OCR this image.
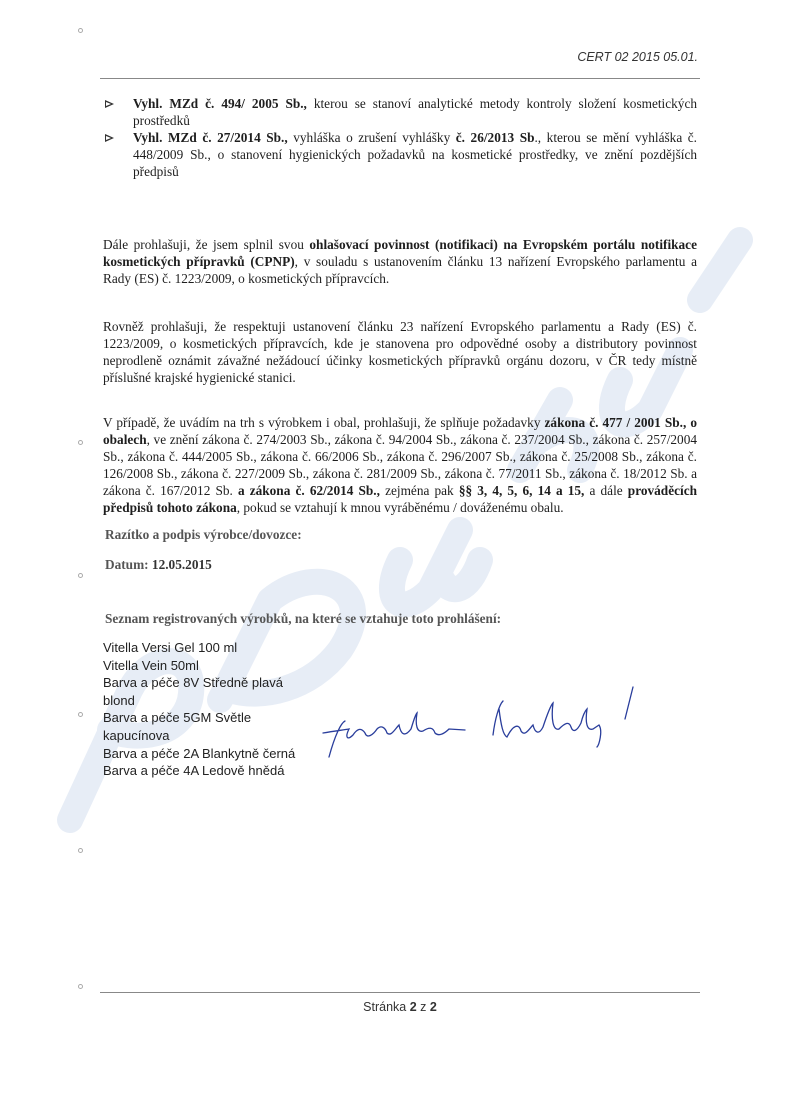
CERT 02 2015 05.01.
Vyhl. MZd č. 494/ 2005 Sb., kterou se stanoví analytické metody kontroly složení kosmetických prostředků
Vyhl. MZd č. 27/2014 Sb., vyhláška o zrušení vyhlášky č. 26/2013 Sb., kterou se mění vyhláška č. 448/2009 Sb., o stanovení hygienických požadavků na kosmetické prostředky, ve znění pozdějších předpisů
Dále prohlašuji, že jsem splnil svou ohlašovací povinnost (notifikaci) na Evropském portálu notifikace kosmetických přípravků (CPNP), v souladu s ustanovením článku 13 nařízení Evropského parlamentu a Rady (ES) č. 1223/2009, o kosmetických přípravcích.
Rovněž prohlašuji, že respektuji ustanovení článku 23 nařízení Evropského parlamentu a Rady (ES) č. 1223/2009, o kosmetických přípravcích, kde je stanovena pro odpovědné osoby a distributory povinnost neprodleně oznámit závažné nežádoucí účinky kosmetických přípravků orgánu dozoru, v ČR tedy místně příslušné krajské hygienické stanici.
V případě, že uvádím na trh s výrobkem i obal, prohlašuji, že splňuje požadavky zákona č. 477 / 2001 Sb., o obalech, ve znění zákona č. 274/2003 Sb., zákona č. 94/2004 Sb., zákona č. 237/2004 Sb., zákona č. 257/2004 Sb., zákona č. 444/2005 Sb., zákona č. 66/2006 Sb., zákona č. 296/2007 Sb., zákona č. 25/2008 Sb., zákona č. 126/2008 Sb., zákona č. 227/2009 Sb., zákona č. 281/2009 Sb., zákona č. 77/2011 Sb., zákona č. 18/2012 Sb. a zákona č. 167/2012 Sb. a zákona č. 62/2014 Sb., zejména pak §§ 3, 4, 5, 6, 14 a 15, a dále prováděcích předpisů tohoto zákona, pokud se vztahují k mnou vyráběnému / dováženému obalu.
Razítko a podpis výrobce/dovozce:
Datum: 12.05.2015
Seznam registrovaných výrobků, na které se vztahuje toto prohlášení:
Vitella Versi Gel 100 ml
Vitella Vein 50ml
Barva a péče 8V Středně plavá blond
Barva a péče 5GM Světle kapucínova
Barva a péče 2A Blankytně černá
Barva a péče 4A Ledově hnědá
Stránka 2 z 2
